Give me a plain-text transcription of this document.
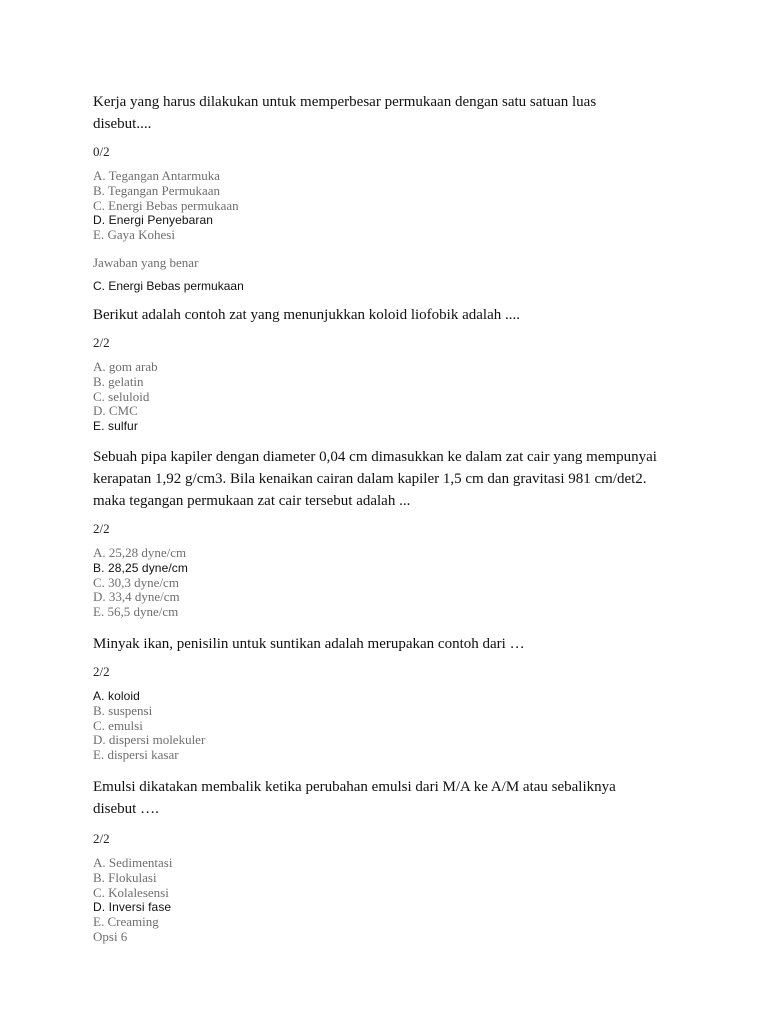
Kerja yang harus dilakukan untuk memperbesar permukaan dengan satu satuan luas disebut....

0/2
A. Tegangan Antarmuka
B. Tegangan Permukaan
C. Energi Bebas permukaan
D. Energi Penyebaran
E. Gaya Kohesi
Jawaban yang benar
C. Energi Bebas permukaan

Berikut adalah contoh zat yang menunjukkan koloid liofobik adalah ....

2/2
A. gom arab
B. gelatin
C. seluloid
D. CMC
E. sulfur

Sebuah pipa kapiler dengan diameter 0,04 cm dimasukkan ke dalam zat cair yang mempunyai kerapatan 1,92 g/cm3. Bila kenaikan cairan dalam kapiler 1,5 cm dan gravitasi 981 cm/det2. maka tegangan permukaan zat cair tersebut adalah ...

2/2
A. 25,28 dyne/cm
B. 28,25 dyne/cm
C. 30,3 dyne/cm
D. 33,4 dyne/cm
E. 56,5 dyne/cm

Minyak ikan, penisilin untuk suntikan adalah merupakan contoh dari …

2/2
A. koloid
B. suspensi
C. emulsi
D. dispersi molekuler
E. dispersi kasar

Emulsi dikatakan membalik ketika perubahan emulsi dari M/A ke A/M atau sebaliknya disebut ….

2/2
A. Sedimentasi
B. Flokulasi
C. Kolalesensi
D. Inversi fase
E. Creaming
Opsi 6
